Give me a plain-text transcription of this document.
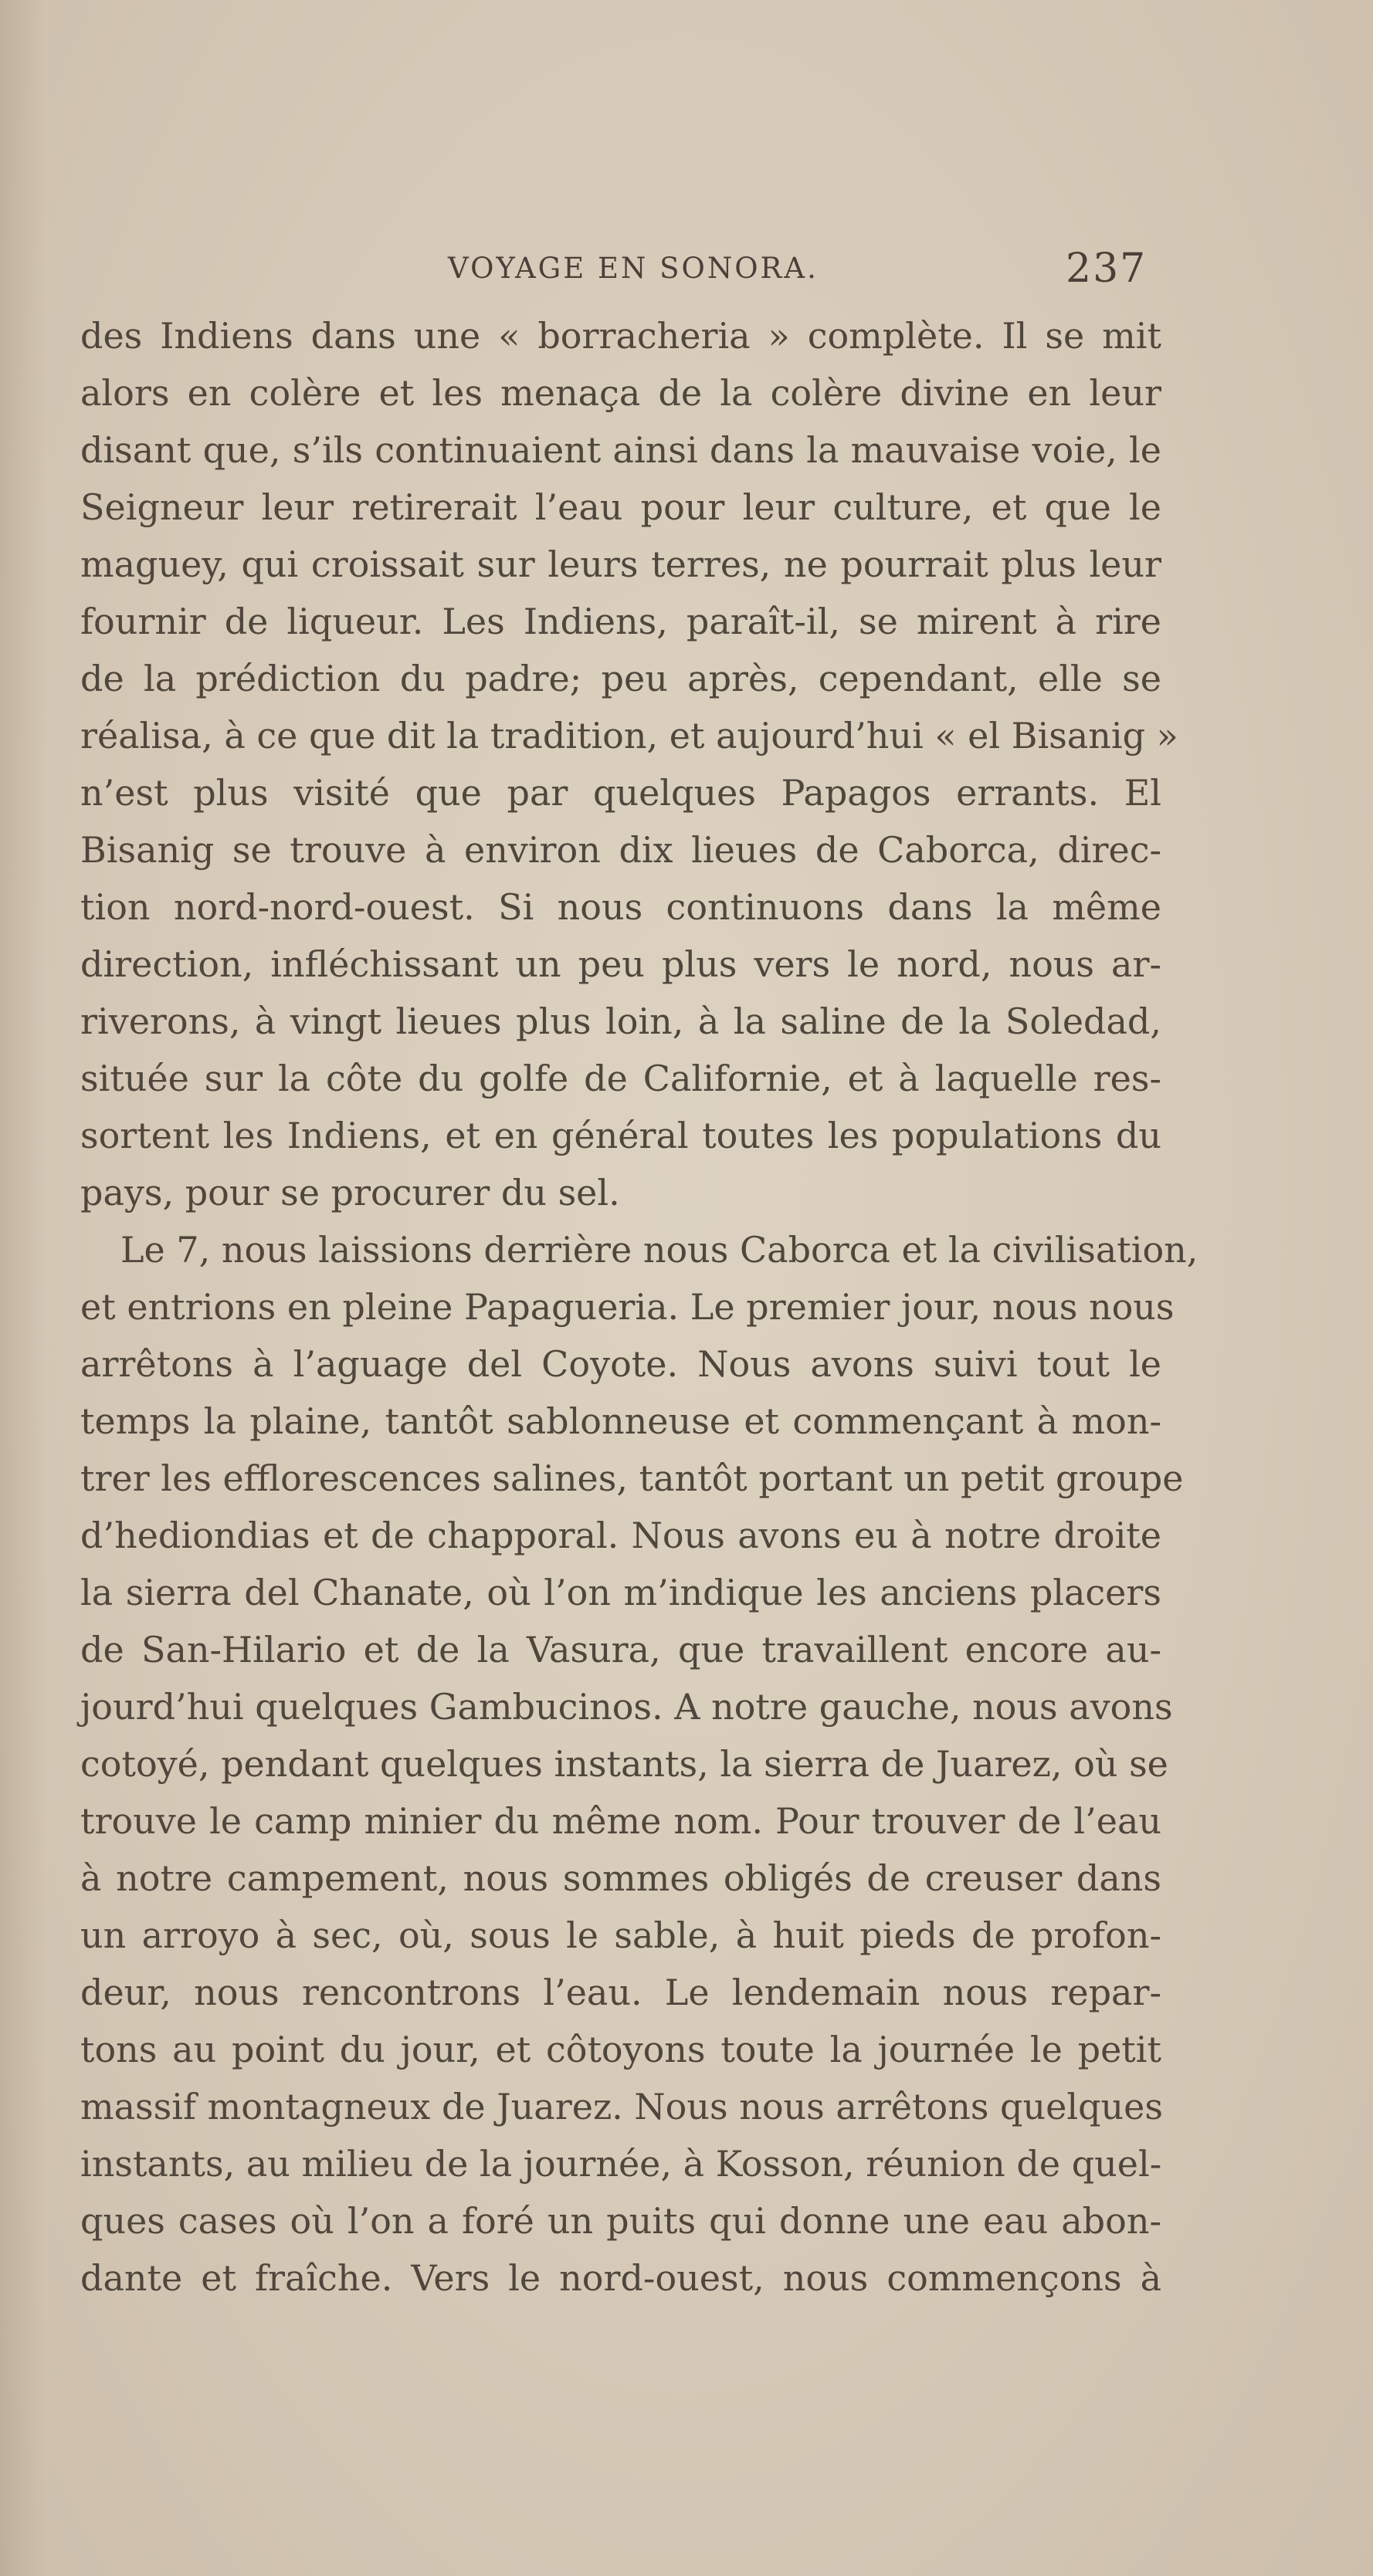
VOYAGE EN SONORA.	237
des Indiens dans une « borracheria » complète. Il se mit
alors en colère et les menaça de la colère divine en leur
disant que, s’ils continuaient ainsi dans la mauvaise voie, le
Seigneur leur retirerait l’eau pour leur culture, et que le
maguey, qui croissait sur leurs terres, ne pourrait plus leur
fournir de liqueur. Les Indiens, paraît-il, se mirent à rire
de la prédiction du padre; peu après, cependant, elle se
réalisa, à ce que dit la tradition, et aujourd’hui « el Bisanig »
n’est plus visité que par quelques Papagos errants. El
Bisanig se trouve à environ dix lieues de Caborca, direc-
tion nord-nord-ouest. Si nous continuons dans la même
direction, infléchissant un peu plus vers le nord, nous ar-
riverons, à vingt lieues plus loin, à la saline de la Soledad,
située sur la côte du golfe de Californie, et à laquelle res-
sortent les Indiens, et en général toutes les populations du
pays, pour se procurer du sel.
Le 7, nous laissions derrière nous Caborca et la civilisation,
et entrions en pleine Papagueria. Le premier jour, nous nous
arrêtons à l’aguage del Coyote. Nous avons suivi tout le
temps la plaine, tantôt sablonneuse et commençant à mon-
trer les efflorescences salines, tantôt portant un petit groupe
d’hediondias et de chapporal. Nous avons eu à notre droite
la sierra del Chanate, où l’on m’indique les anciens placers
de San-Hilario et de la Vasura, que travaillent encore au-
jourd’hui quelques Gambucinos. A notre gauche, nous avons
cotoyé, pendant quelques instants, la sierra de Juarez, où se
trouve le camp minier du même nom. Pour trouver de l’eau
à notre campement, nous sommes obligés de creuser dans
un arroyo à sec, où, sous le sable, à huit pieds de profon-
deur, nous rencontrons l’eau. Le lendemain nous repar-
tons au point du jour, et côtoyons toute la journée le petit
massif montagneux de Juarez. Nous nous arrêtons quelques
instants, au milieu de la journée, à Kosson, réunion de quel-
ques cases où l’on a foré un puits qui donne une eau abon-
dante et fraîche. Vers le nord-ouest, nous commençons à
